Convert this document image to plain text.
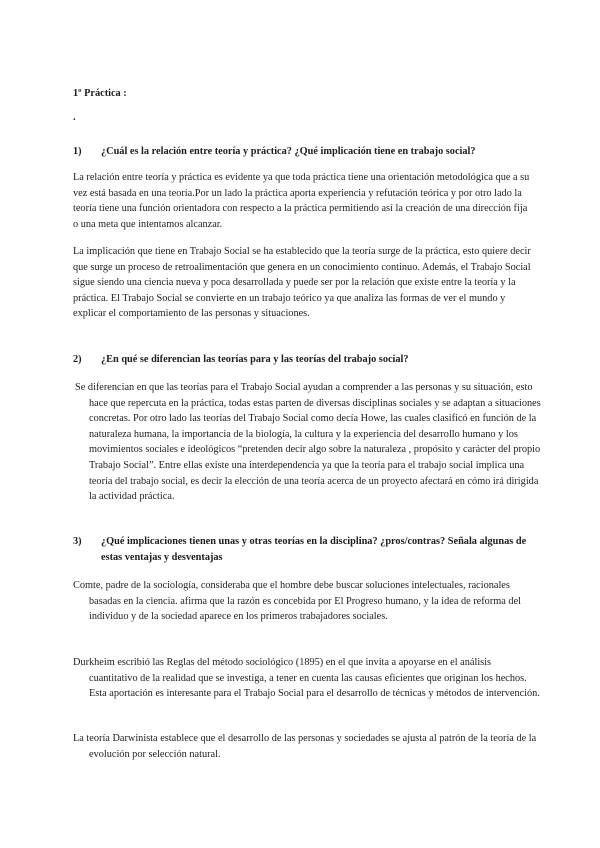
1º Práctica :
.
1)	¿Cuál es la relación entre teoría y práctica? ¿Qué implicación tiene en trabajo social?

La relación entre teoría y práctica es evidente ya que toda práctica tiene una orientación metodológica que a su vez está basada en una teoría.Por un lado la práctica aporta experiencia y refutación teórica y por otro lado la teoría tiene una función orientadora con respecto a la práctica permitiendo así la creación de una dirección fija o una meta que intentamos alcanzar.

La implicación que tiene en Trabajo Social se ha establecido que la teoría surge de la práctica, esto quiere decir que surge un proceso de retroalimentación que genera en un conocimiento continuo. Además, el Trabajo Social sigue siendo una ciencia nueva y poca desarrollada y puede ser por la relación que existe entre la teoría y la práctica. El Trabajo Social se convierte en un trabajo teórico ya que analiza las formas de ver el mundo y explicar el comportamiento de las personas y situaciones.

2)	¿En qué se diferencian las teorías para y las teorías del trabajo social?

Se diferencian en que las teorías para el Trabajo Social ayudan a comprender a las personas y su situación, esto hace que repercuta en la práctica, todas estas parten de diversas disciplinas sociales y se adaptan a situaciones concretas. Por otro lado las teorías del Trabajo Social como decía Howe, las cuales clasificó en función de la naturaleza humana, la importancia de la biología, la cultura y la experiencia del desarrollo humano y los movimientos sociales e ideológicos “pretenden decir algo sobre la naturaleza , propósito y carácter del propio Trabajo Social”. Entre ellas existe una interdependencia ya que la teoría para el trabajo social implica una teoría del trabajo social, es decir la elección de una teoría acerca de un proyecto afectará en cómo irá dirigida la actividad práctica.

3)	¿Qué implicaciones tienen unas y otras teorías en la disciplina? ¿pros/contras? Señala algunas de estas ventajas y desventajas

Comte, padre de la sociología, consideraba que el hombre debe buscar soluciones intelectuales, racionales basadas en la ciencia. afirma que la razón es concebida por El Progreso humano, y la idea de reforma del individuo y de la sociedad aparece en los primeros trabajadores sociales.

Durkheim escribió las Reglas del método sociológico (1895) en el que invita a apoyarse en el análisis cuantitativo de la realidad que se investiga, a tener en cuenta las causas eficientes que originan los hechos. Esta aportación es interesante para el Trabajo Social para el desarrollo de técnicas y métodos de intervención.

La teoría Darwinista establece que el desarrollo de las personas y sociedades se ajusta al patrón de la teoría de la evolución por selección natural.
